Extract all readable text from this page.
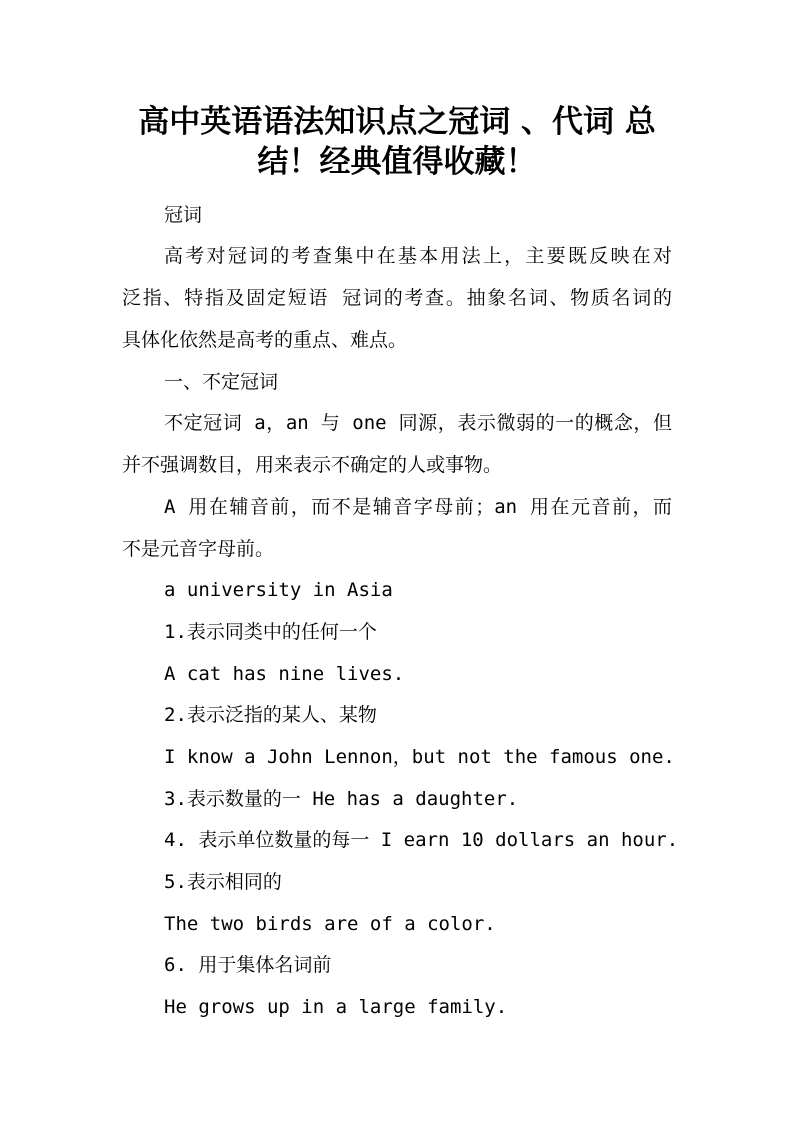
高中英语语法知识点之冠词 、代词 总
结！经典值得收藏！

冠词

高考对冠词的考查集中在基本用法上，主要既反映在对

泛指、特指及固定短语 冠词的考查。抽象名词、物质名词的

具体化依然是高考的重点、难点。

一、不定冠词

不定冠词 a，an 与 one 同源，表示微弱的一的概念，但

并不强调数目，用来表示不确定的人或事物。

A 用在辅音前，而不是辅音字母前；an 用在元音前，而

不是元音字母前。

a university in Asia

1.表示同类中的任何一个

A cat has nine lives.

2.表示泛指的某人、某物

I know a John Lennon，but not the famous one.

3.表示数量的一 He has a daughter.

4. 表示单位数量的每一 I earn 10 dollars an hour.

5.表示相同的

The two birds are of a color.

6. 用于集体名词前

He grows up in a large family.
